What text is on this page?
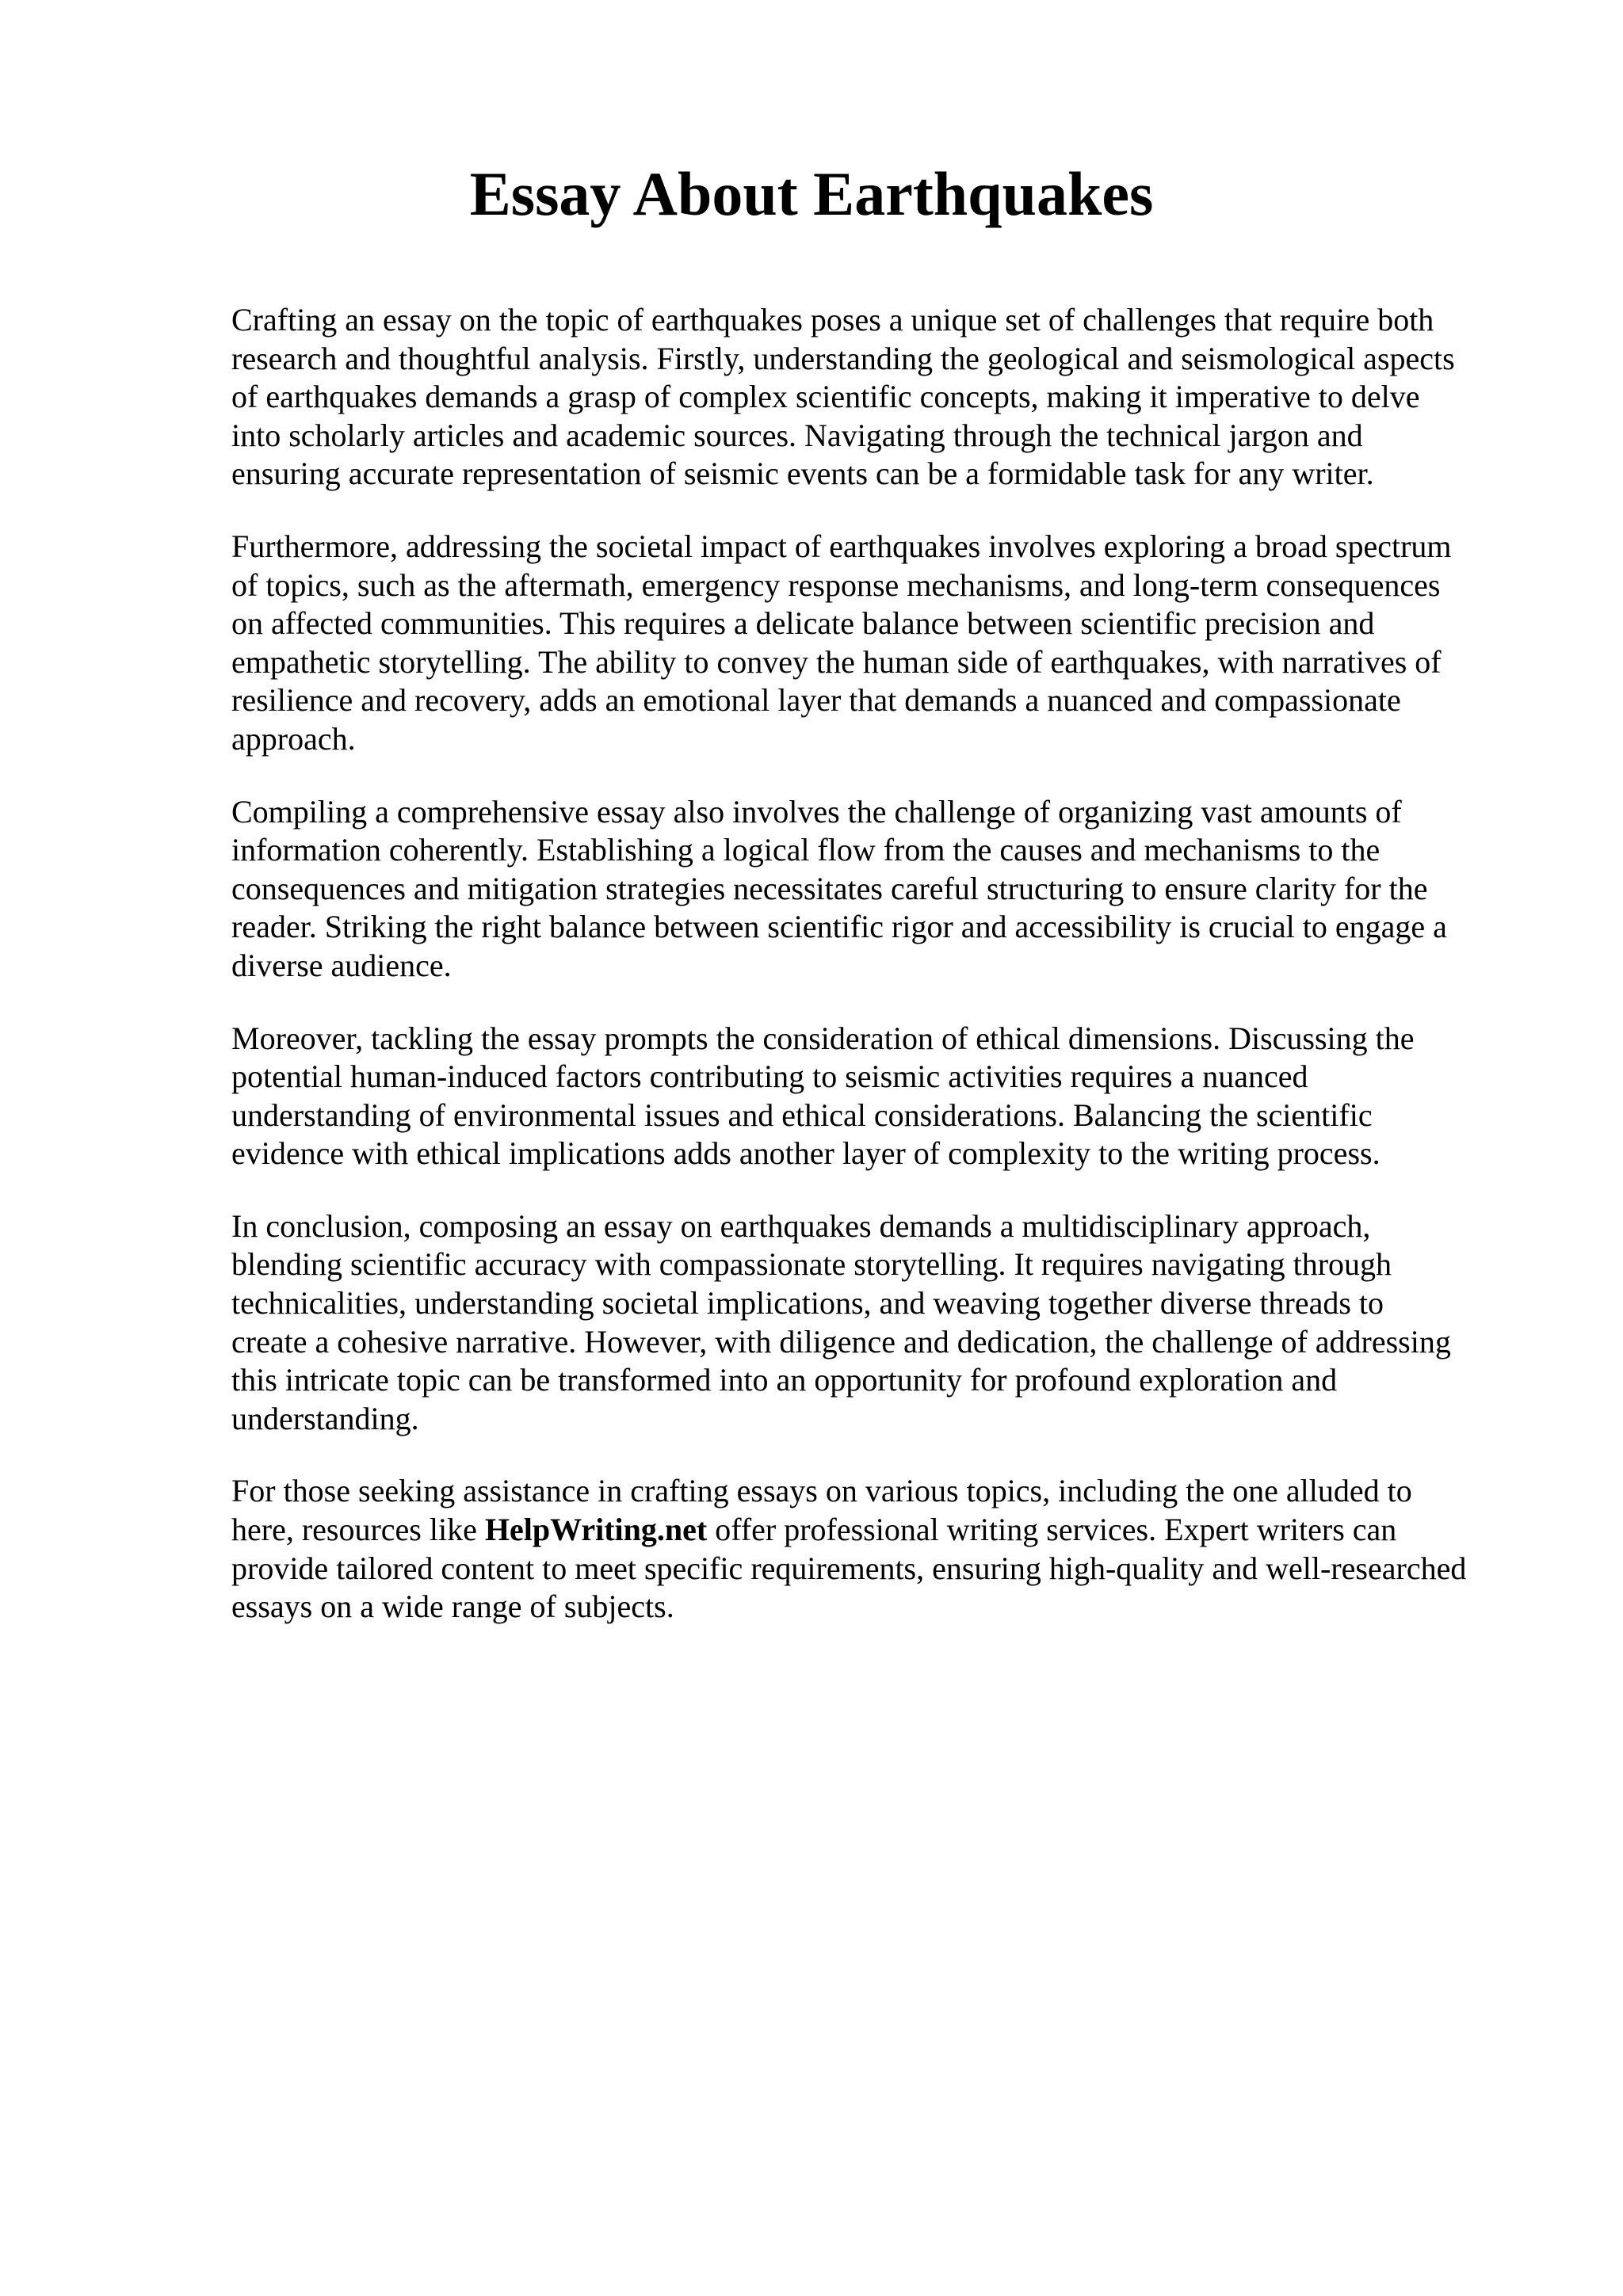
Essay About Earthquakes

Crafting an essay on the topic of earthquakes poses a unique set of challenges that require both
research and thoughtful analysis. Firstly, understanding the geological and seismological aspects
of earthquakes demands a grasp of complex scientific concepts, making it imperative to delve
into scholarly articles and academic sources. Navigating through the technical jargon and
ensuring accurate representation of seismic events can be a formidable task for any writer.

Furthermore, addressing the societal impact of earthquakes involves exploring a broad spectrum
of topics, such as the aftermath, emergency response mechanisms, and long-term consequences
on affected communities. This requires a delicate balance between scientific precision and
empathetic storytelling. The ability to convey the human side of earthquakes, with narratives of
resilience and recovery, adds an emotional layer that demands a nuanced and compassionate
approach.

Compiling a comprehensive essay also involves the challenge of organizing vast amounts of
information coherently. Establishing a logical flow from the causes and mechanisms to the
consequences and mitigation strategies necessitates careful structuring to ensure clarity for the
reader. Striking the right balance between scientific rigor and accessibility is crucial to engage a
diverse audience.

Moreover, tackling the essay prompts the consideration of ethical dimensions. Discussing the
potential human-induced factors contributing to seismic activities requires a nuanced
understanding of environmental issues and ethical considerations. Balancing the scientific
evidence with ethical implications adds another layer of complexity to the writing process.

In conclusion, composing an essay on earthquakes demands a multidisciplinary approach,
blending scientific accuracy with compassionate storytelling. It requires navigating through
technicalities, understanding societal implications, and weaving together diverse threads to
create a cohesive narrative. However, with diligence and dedication, the challenge of addressing
this intricate topic can be transformed into an opportunity for profound exploration and
understanding.

For those seeking assistance in crafting essays on various topics, including the one alluded to
here, resources like HelpWriting.net offer professional writing services. Expert writers can
provide tailored content to meet specific requirements, ensuring high-quality and well-researched
essays on a wide range of subjects.
